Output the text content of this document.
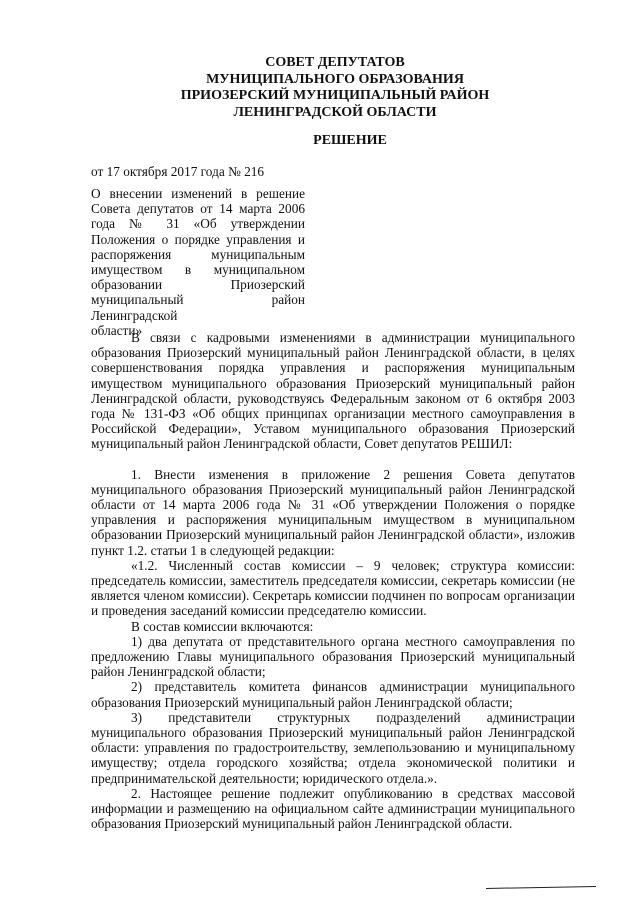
СОВЕТ ДЕПУТАТОВ
МУНИЦИПАЛЬНОГО ОБРАЗОВАНИЯ
ПРИОЗЕРСКИЙ МУНИЦИПАЛЬНЫЙ РАЙОН
ЛЕНИНГРАДСКОЙ ОБЛАСТИ
РЕШЕНИЕ
от 17 октября 2017 года № 216
О внесении изменений в решение
Совета депутатов от 14 марта 2006
года № 31 «Об утверждении
Положения о порядке управления и
распоряжения муниципальным
имуществом в муниципальном
образовании Приозерский
муниципальный район Ленинградской
области»

В связи с кадровыми изменениями в администрации муниципального образования Приозерский муниципальный район Ленинградской области, в целях совершенствования порядка управления и распоряжения муниципальным имуществом муниципального образования Приозерский муниципальный район Ленинградской области, руководствуясь Федеральным законом от 6 октября 2003 года № 131-ФЗ «Об общих принципах организации местного самоуправления в Российской Федерации», Уставом муниципального образования Приозерский муниципальный район Ленинградской области, Совет депутатов РЕШИЛ:

1. Внести изменения в приложение 2 решения Совета депутатов муниципального образования Приозерский муниципальный район Ленинградской области от 14 марта 2006 года № 31 «Об утверждении Положения о порядке управления и распоряжения муниципальным имуществом в муниципальном образовании Приозерский муниципальный район Ленинградской области», изложив пункт 1.2. статьи 1 в следующей редакции:

«1.2. Численный состав комиссии – 9 человек; структура комиссии: председатель комиссии, заместитель председателя комиссии, секретарь комиссии (не является членом комиссии). Секретарь комиссии подчинен по вопросам организации и проведения заседаний комиссии председателю комиссии.

В состав комиссии включаются:

1) два депутата от представительного органа местного самоуправления по предложению Главы муниципального образования Приозерский муниципальный район Ленинградской области;

2) представитель комитета финансов администрации муниципального образования Приозерский муниципальный район Ленинградской области;

3) представители структурных подразделений администрации муниципального образования Приозерский муниципальный район Ленинградской области: управления по градостроительству, землепользованию и муниципальному имуществу; отдела городского хозяйства; отдела экономической политики и предпринимательской деятельности; юридического отдела.».

2. Настоящее решение подлежит опубликованию в средствах массовой информации и размещению на официальном сайте администрации муниципального образования Приозерский муниципальный район Ленинградской области.
